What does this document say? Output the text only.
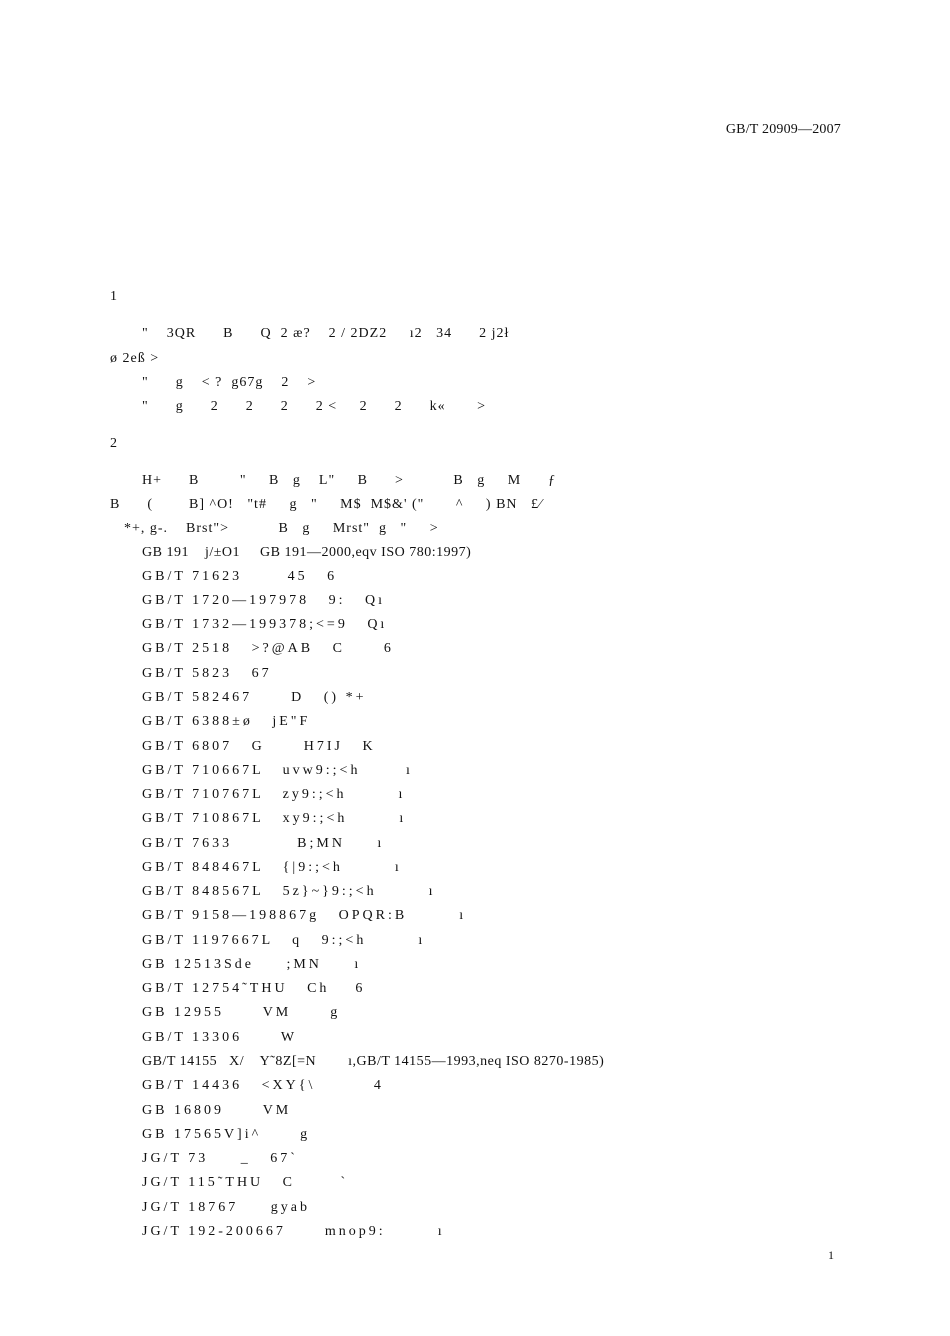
GB/T 20909—2007
1
"    3QR      B      Q  2 æ?    2 / 2DZ2     ı2   34      2 j2ł
ø 2eß >
"      g    < ?  g67g    2    >
"      g      2      2      2      2 <     2      2      k«       >
2
H+      B         "     B   g    L"     B      >           B   g     M      ƒ
B      (        B] ^O!   "t#     g   "     M$  M$&' ("       ^     ) BN   £⁄
*+, g-.    Brst">           B   g     Mrst"  g   "     >
GB 191    j/±O1     GB 191—2000,eqv ISO 780:1997)
GB/T 71623       45   6
GB/T 1720—197978   9:   Qı
GB/T 1732—199378;<=9   Qı
GB/T 2518   >?@AB   C      6
GB/T 5823   67
GB/T 582467      D   () *+
GB/T 6388±ø   jE"F
GB/T 6807   G      H7IJ   K
GB/T 710667L   uvw9:;<h       ı
GB/T 710767L   zy9:;<h        ı
GB/T 710867L   xy9:;<h        ı
GB/T 7633          B;MN     ı
GB/T 848467L   {|9:;<h        ı
GB/T 848567L   5z}~}9:;<h        ı
GB/T 9158—198867g   OPQR:B        ı
GB/T 1197667L   q   9:;<h        ı
GB 12513Sde     ;MN     ı
GB/T 12754˜THU   Ch    6
GB 12955      VM      g
GB/T 13306      W
GB/T 14155   X/    Y˜8Z[=N        ı,GB/T 14155—1993,neq ISO 8270-1985)
GB/T 14436   <XY{\         4
GB 16809      VM
GB 17565V]i^      g
JG/T 73     _   67`
JG/T 115˜THU   C       `
JG/T 18767     gyab
JG/T 192-200667      mnop9:        ı
1
